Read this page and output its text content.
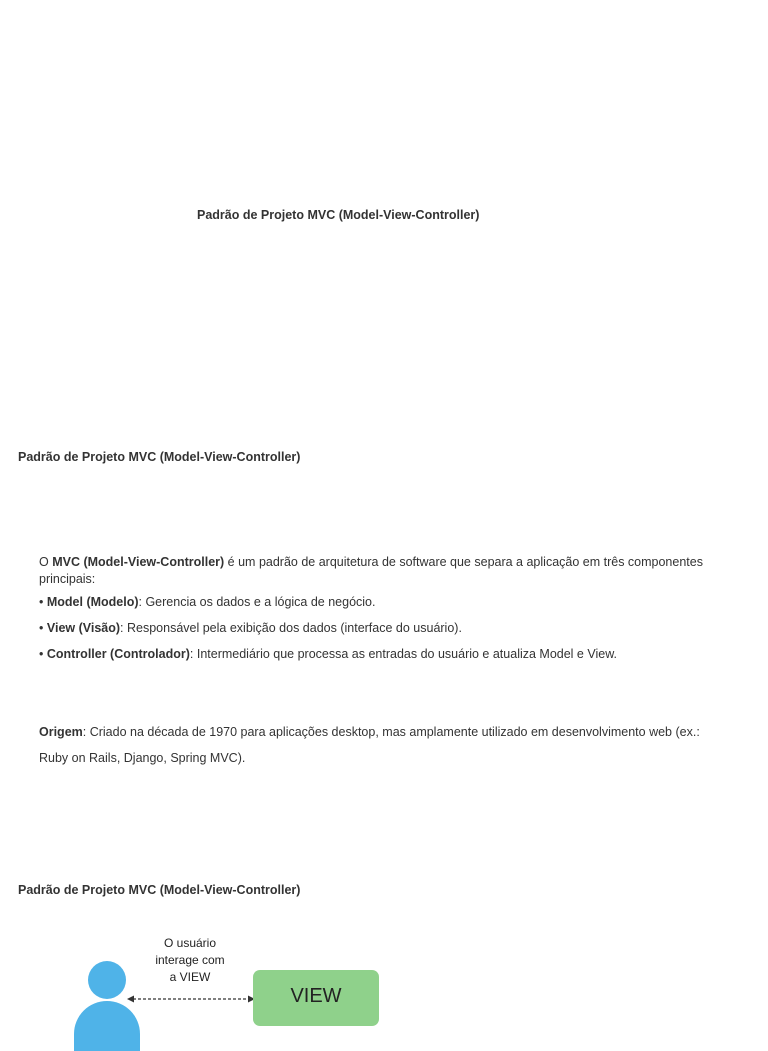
Padrão de Projeto MVC (Model-View-Controller)
Padrão de Projeto MVC (Model-View-Controller)
O MVC (Model-View-Controller) é um padrão de arquitetura de software que separa a aplicação em três componentes principais:
• Model (Modelo): Gerencia os dados e a lógica de negócio.
• View (Visão): Responsável pela exibição dos dados (interface do usuário).
• Controller (Controlador): Intermediário que processa as entradas do usuário e atualiza Model e View.
Origem: Criado na década de 1970 para aplicações desktop, mas amplamente utilizado em desenvolvimento web (ex.:
Ruby on Rails, Django, Spring MVC).
Padrão de Projeto MVC (Model-View-Controller)
O usuário
interage com
a VIEW
VIEW
